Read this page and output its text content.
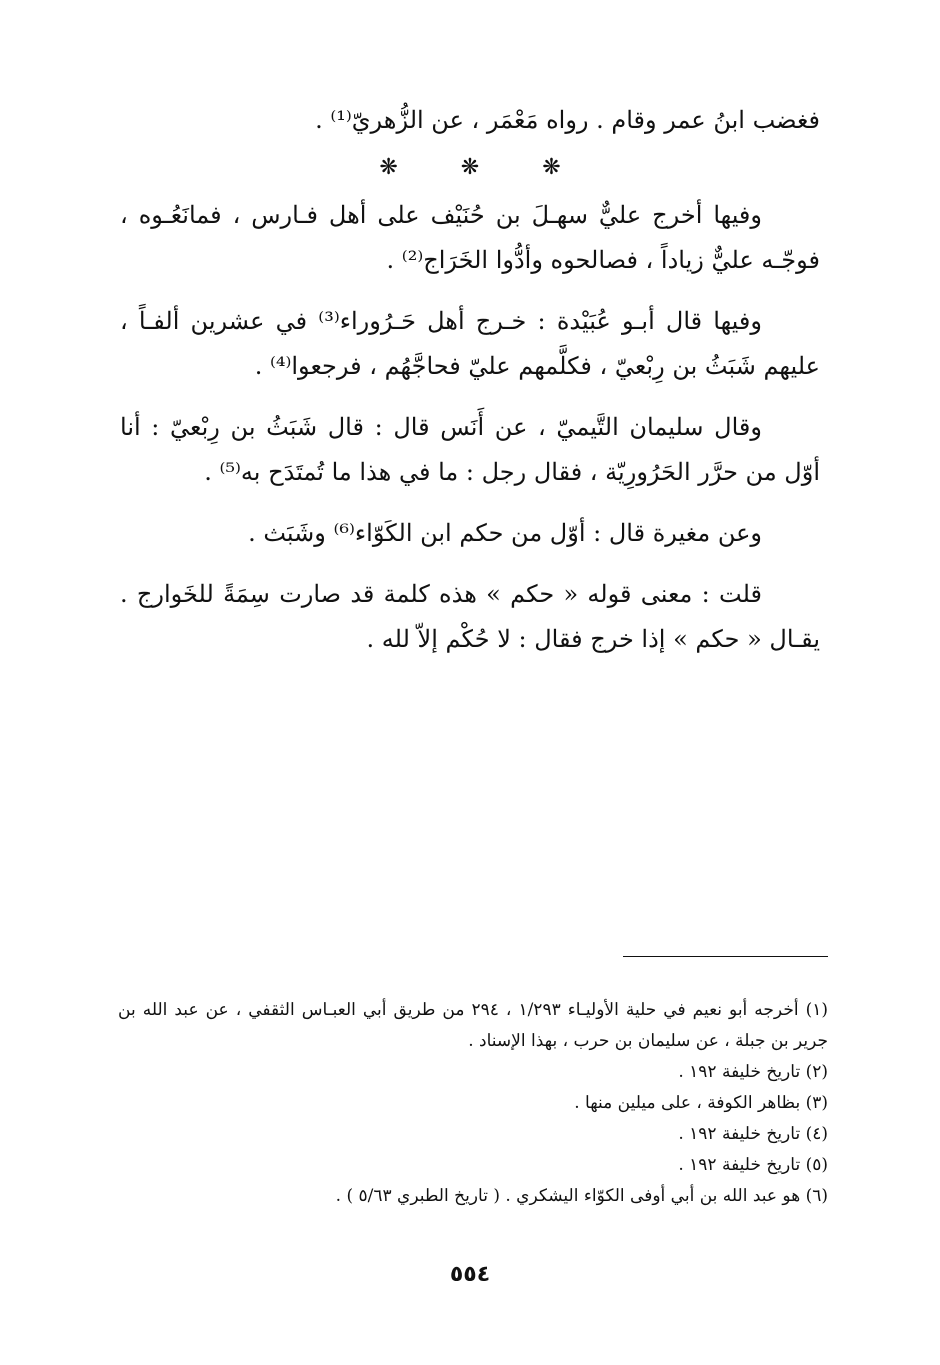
فغضب ابنُ عمر وقام . رواه مَعْمَر ، عن الزُّهريّ⁽¹⁾ .

❋ ❋ ❋

وفيها أخرج عليٌّ سهـلَ بن حُنَيْف على أهل فـارس ، فمانَعُـوه ، فوجّـه عليٌّ زياداً ، فصالحوه وأدُّوا الخَرَاج⁽²⁾ .

وفيها قال أبـو عُبَيْدة : خـرج أهل حَـرُوراء⁽³⁾ في عشرين ألفـاً ، عليهم شَبَثُ بن رِبْعيّ ، فكلَّمهم عليّ فحاجَّهُم ، فرجعوا⁽⁴⁾ .

وقال سليمان التَّيميّ ، عن أَنَس قال : قال شَبَثُ بن رِبْعيّ : أنا أوّل من حرَّر الحَرُورِيّة ، فقال رجل : ما في هذا ما تُمتَدَح به⁽⁵⁾ .

وعن مغيرة قال : أوّل من حكم ابن الكَوّاء⁽⁶⁾ وشَبَث .

قلت : معنى قوله « حكم » هذه كلمة قد صارت سِمَةً للخَوارج . يقـال « حكم » إذا خرج فقال : لا حُكْم إلاّ لله .

(١) أخرجه أبو نعيم في حلية الأوليـاء ١/٢٩٣ ، ٢٩٤ من طريق أبي العبـاس الثقفي ، عن عبد الله بن جرير بن جبلة ، عن سليمان بن حرب ، بهذا الإسناد .

(٢) تاريخ خليفة ١٩٢ .

(٣) بظاهر الكوفة ، على ميلين منها .

(٤) تاريخ خليفة ١٩٢ .

(٥) تاريخ خليفة ١٩٢ .

(٦) هو عبد الله بن أبي أوفى الكوّاء اليشكري . ( تاريخ الطبري ٥/٦٣ ) .

٥٥٤
